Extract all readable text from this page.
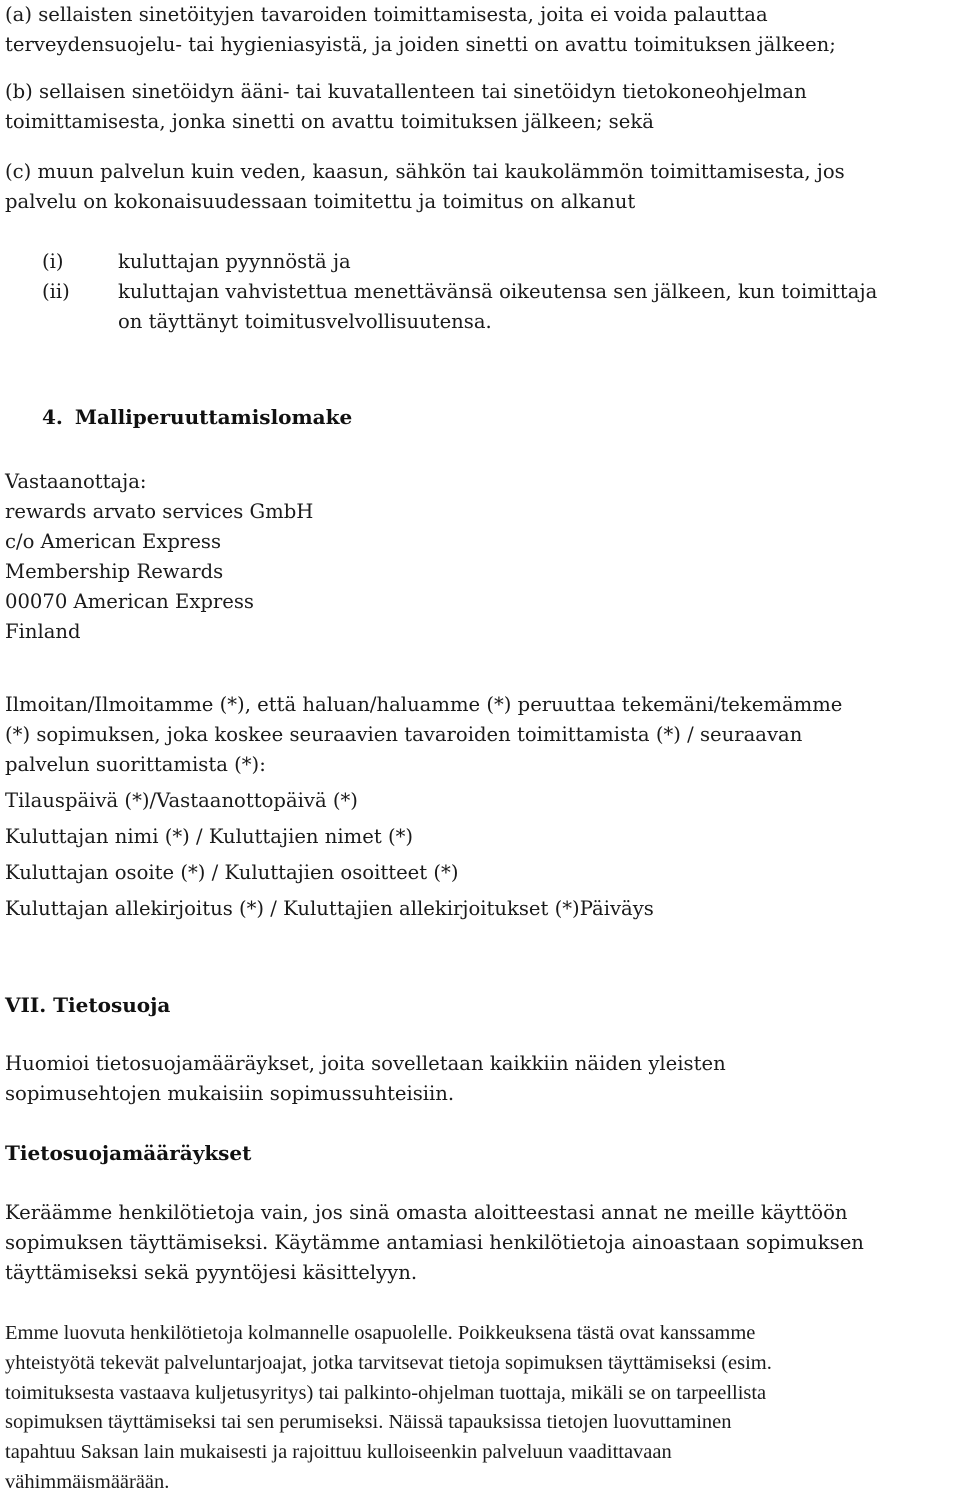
(a) sellaisten sinetöityjen tavaroiden toimittamisesta, joita ei voida palauttaa
terveydensuojelu- tai hygieniasyistä, ja joiden sinetti on avattu toimituksen jälkeen;

(b) sellaisen sinetöidyn ääni- tai kuvatallenteen tai sinetöidyn tietokoneohjelman
toimittamisesta, jonka sinetti on avattu toimituksen jälkeen; sekä

(c) muun palvelun kuin veden, kaasun, sähkön tai kaukolämmön toimittamisesta, jos
palvelu on kokonaisuudessaan toimitettu ja toimitus on alkanut

(i)	kuluttajan pyynnöstä ja
(ii) kuluttajan vahvistettua menettävänsä oikeutensa sen jälkeen, kun toimittaja
on täyttänyt toimitusvelvollisuutensa.
4. Malliperuuttamislomake

Vastaanottaja:
rewards arvato services GmbH
c/o American Express
Membership Rewards
00070 American Express
Finland

Ilmoitan/Ilmoitamme (*), että haluan/haluamme (*) peruuttaa tekemäni/tekemämme
(*) sopimuksen, joka koskee seuraavien tavaroiden toimittamista (*) / seuraavan
palvelun suorittamista (*):

Tilauspäivä (*)/Vastaanottopäivä (*)

Kuluttajan nimi (*) / Kuluttajien nimet (*)

Kuluttajan osoite (*) / Kuluttajien osoitteet (*)

Kuluttajan allekirjoitus (*) / Kuluttajien allekirjoitukset (*)Päiväys

VII. Tietosuoja

Huomioi tietosuojamääräykset, joita sovelletaan kaikkiin näiden yleisten
sopimusehtojen mukaisiin sopimussuhteisiin.

Tietosuojamääräykset

Keräämme henkilötietoja vain, jos sinä omasta aloitteestasi annat ne meille käyttöön
sopimuksen täyttämiseksi. Käytämme antamiasi henkilötietoja ainoastaan sopimuksen
täyttämiseksi sekä pyyntöjesi käsittelyyn.

Emme luovuta henkilötietoja kolmannelle osapuolelle. Poikkeuksena tästä ovat kanssamme
yhteistyötä tekevät palveluntarjoajat, jotka tarvitsevat tietoja sopimuksen täyttämiseksi (esim.
toimituksesta vastaava kuljetusyritys) tai palkinto-ohjelman tuottaja, mikäli se on tarpeellista
sopimuksen täyttämiseksi tai sen perumiseksi. Näissä tapauksissa tietojen luovuttaminen
tapahtuu Saksan lain mukaisesti ja rajoittuu kulloiseenkin palveluun vaadittavaan
vähimmäismäärään.
